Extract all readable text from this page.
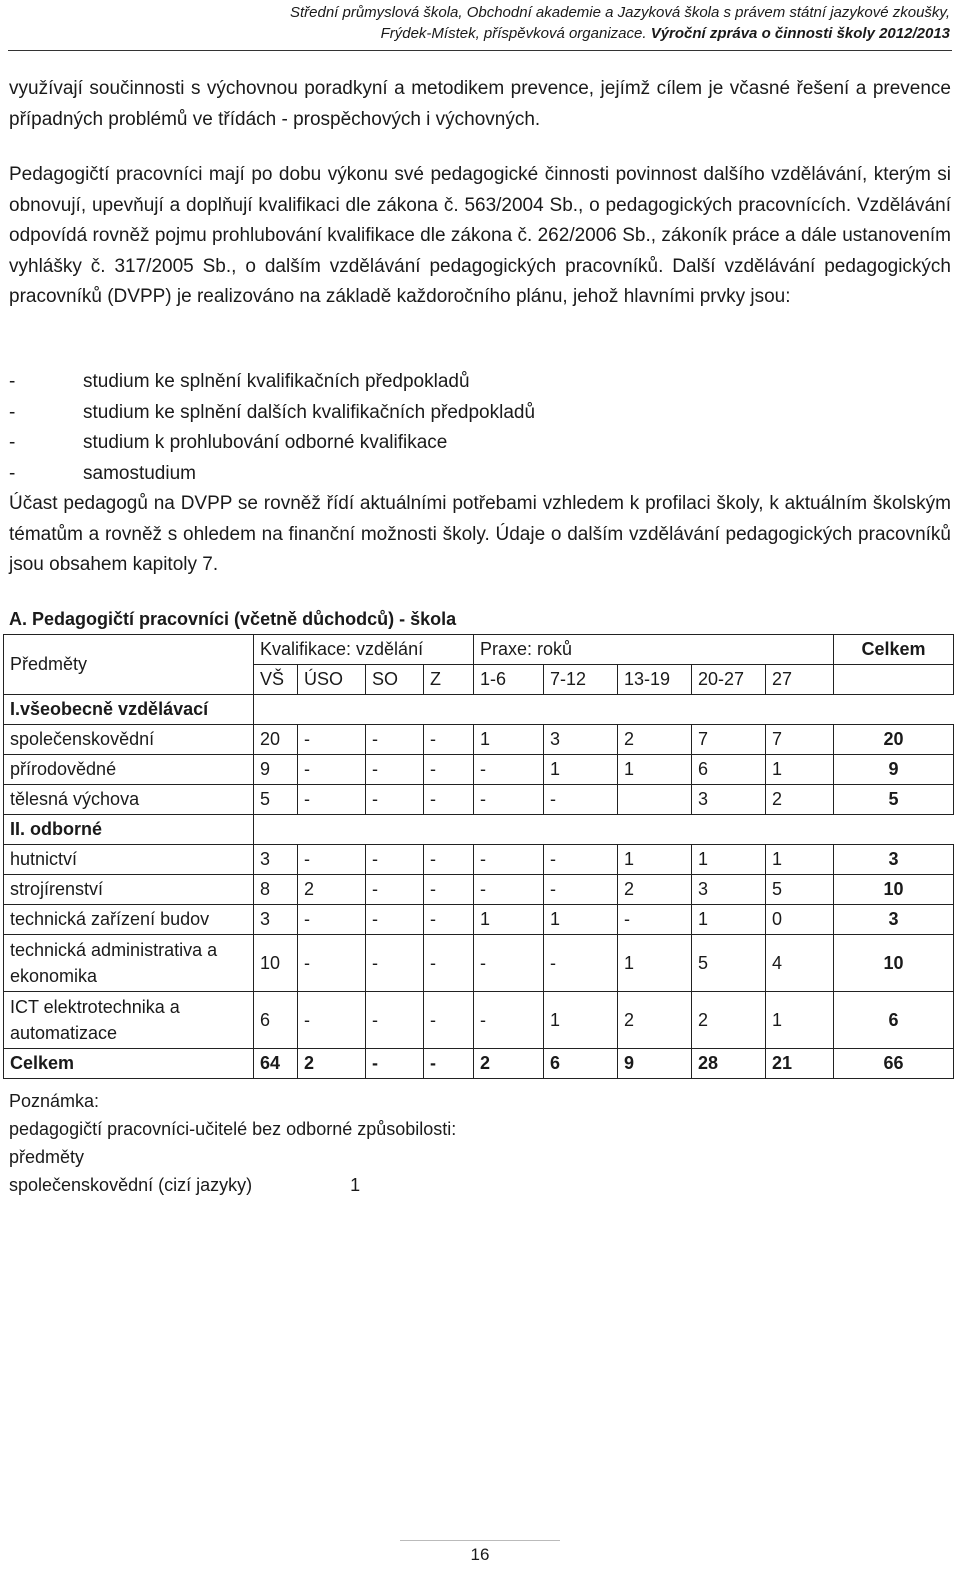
Střední průmyslová škola, Obchodní akademie a Jazyková škola s právem státní jazykové zkoušky,
Frýdek-Místek, příspěvková organizace. Výroční zpráva o činnosti školy 2012/2013

využívají součinnosti s výchovnou poradkyní a metodikem prevence, jejímž cílem je včasné řešení a prevence případných problémů ve třídách - prospěchových i výchovných.

Pedagogičtí pracovníci mají po dobu výkonu své pedagogické činnosti povinnost dalšího vzdělávání, kterým si obnovují, upevňují a doplňují kvalifikaci dle zákona č. 563/2004 Sb., o pedagogických pracovnících. Vzdělávání odpovídá rovněž pojmu prohlubování kvalifikace dle zákona č. 262/2006 Sb., zákoník práce a dále ustanovením vyhlášky č. 317/2005 Sb., o dalším vzdělávání pedagogických pracovníků. Další vzdělávání pedagogických pracovníků (DVPP) je realizováno na základě každoročního plánu, jehož hlavními prvky jsou:

-	studium ke splnění kvalifikačních předpokladů
-	studium ke splnění dalších kvalifikačních předpokladů
-	studium k prohlubování odborné kvalifikace
-	samostudium

Účast pedagogů na DVPP se rovněž řídí aktuálními potřebami vzhledem k profilaci školy, k aktuálním školským tématům a rovněž s ohledem na finanční možnosti školy. Údaje o dalším vzdělávání pedagogických pracovníků jsou obsahem kapitoly 7.

A. Pedagogičtí pracovníci (včetně důchodců) - škola
Předměty	Kvalifikace: vzdělání				Praxe: roků					Celkem
	VŠ	ÚSO	SO	Z	1-6	7-12	13-19	20-27	27	
I.všeobecně vzdělávací										
společenskovědní	20	-	-	-	1	3	2	7	7	20
přírodovědné	9	-	-	-	-	1	1	6	1	9
tělesná výchova	5	-	-	-	-	-		3	2	5
II. odborné										
hutnictví	3	-	-	-	-	-	1	1	1	3
strojírenství	8	2	-	-	-	-	2	3	5	10
technická zařízení budov	3	-	-	-	1	1	-	1	0	3
technická administrativa a ekonomika	10	-	-	-	-	-	1	5	4	10
ICT elektrotechnika a automatizace	6	-	-	-	-	1	2	2	1	6
Celkem	64	2	-	-	2	6	9	28	21	66
Poznámka:
pedagogičtí pracovníci-učitelé bez odborné způsobilosti:
předměty
společenskovědní (cizí jazyky)	1
16
